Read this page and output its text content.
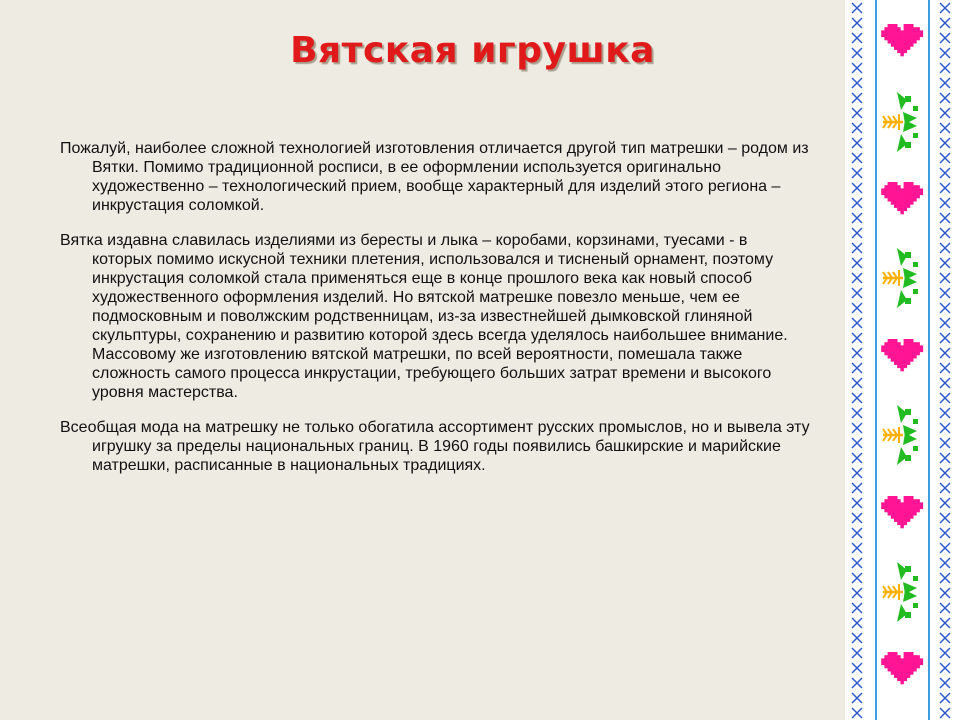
Вятская игрушка

Пожалуй, наиболее сложной технологией изготовления отличается другой тип матрешки – родом из Вятки. Помимо традиционной росписи, в ее оформлении используется оригинально художественно – технологический прием, вообще характерный для изделий этого региона – инкрустация соломкой.

Вятка издавна славилась изделиями из бересты и лыка – коробами, корзинами, туесами - в которых помимо искусной техники плетения, использовался и тисненый орнамент, поэтому инкрустация соломкой стала применяться еще в конце прошлого века как новый способ художественного оформления изделий. Но вятской матрешке повезло меньше, чем ее подмосковным и поволжским родственницам, из-за известнейшей дымковской глиняной скульптуры, сохранению и развитию которой здесь всегда уделялось наибольшее внимание. Массовому же изготовлению вятской матрешки, по всей вероятности, помешала также сложность самого процесса инкрустации, требующего больших затрат времени и высокого уровня мастерства.

Всеобщая мода на матрешку не только обогатила ассортимент русских промыслов, но и вывела эту игрушку за пределы национальных границ. В 1960 годы появились башкирские и марийские матрешки, расписанные в национальных традициях.
